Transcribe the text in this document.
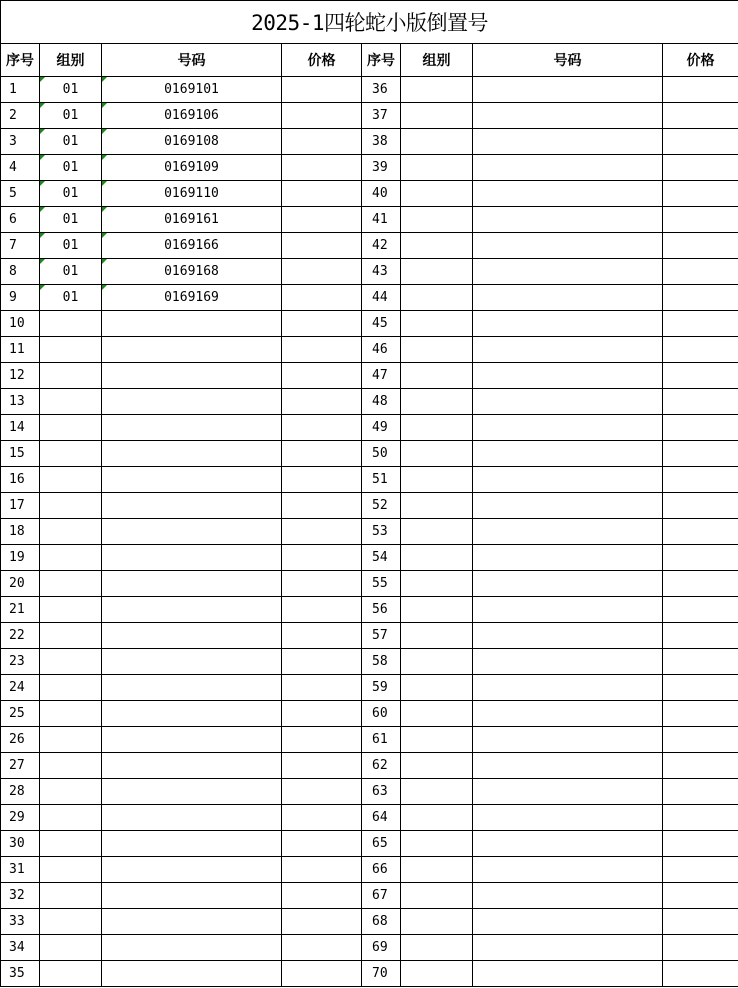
2025-1四轮蛇小版倒置号							
序号	组别	号码	价格	序号	组别	号码	价格
1	01	0169101		36			
2	01	0169106		37			
3	01	0169108		38			
4	01	0169109		39			
5	01	0169110		40			
6	01	0169161		41			
7	01	0169166		42			
8	01	0169168		43			
9	01	0169169		44			
10				45			
11				46			
12				47			
13				48			
14				49			
15				50			
16				51			
17				52			
18				53			
19				54			
20				55			
21				56			
22				57			
23				58			
24				59			
25				60			
26				61			
27				62			
28				63			
29				64			
30				65			
31				66			
32				67			
33				68			
34				69			
35				70			
